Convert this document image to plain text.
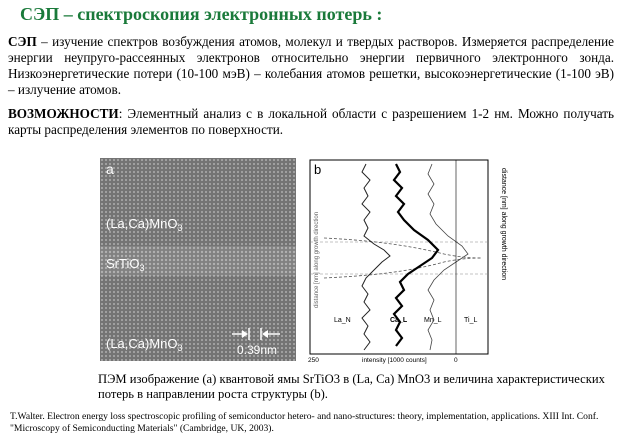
СЭП – спектроскопия электронных потерь :
СЭП – изучение спектров возбуждения атомов, молекул и твердых растворов. Измеряется распределение энергии неупруго-рассеянных электронов относительно энергии первичного электронного зонда. Низкоэнергетические потери (10-100 мэВ) – колебания атомов решетки, высокоэнергетические (1-100 эВ) – излучение атомов.
ВОЗМОЖНОСТИ: Элементный анализ с в локальной области с разрешением 1-2 нм. Можно получать карты распределения элементов по поверхности.
a
(La,Ca)MnO$_3$
SrTiO$_3$
(La,Ca)MnO$_3$	0.39nm
b
distance [nm] along growth direction
La_N	Ca_L Mn_L	Ti_L
250	intensity [1000 counts]	0
distance [nm] along growth direction
ПЭМ изображение (а) квантовой ямы SrTiO3 в (La, Ca) MnO3 и величина характеристических потерь в направлении роста структуры (b).
T.Walter. Electron energy loss spectroscopic profiling of semiconductor hetero- and nano-structures: theory, implementation, applications. XIII Int. Conf. "Microscopy of Semiconducting Materials" (Cambridge, UK, 2003).
